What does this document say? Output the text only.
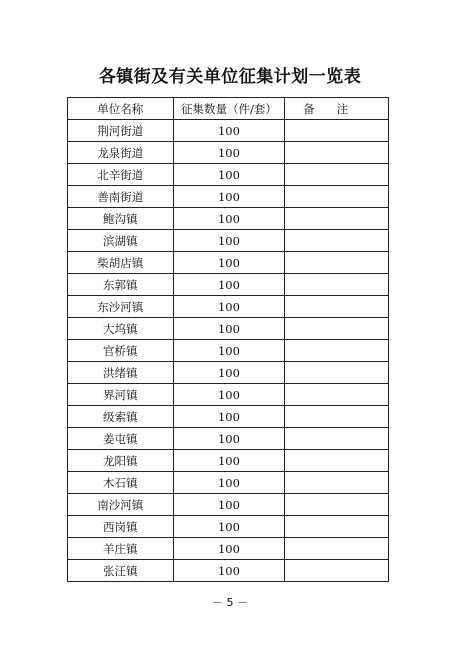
各镇街及有关单位征集计划一览表
单位名称	征集数量（件/套）	备注
荆河街道	100	
龙泉街道	100	
北辛街道	100	
善南街道	100	
鲍沟镇	100	
滨湖镇	100	
柴胡店镇	100	
东郭镇	100	
东沙河镇	100	
大坞镇	100	
官桥镇	100	
洪绪镇	100	
界河镇	100	
级索镇	100	
姜屯镇	100	
龙阳镇	100	
木石镇	100	
南沙河镇	100	
西岗镇	100	
羊庄镇	100	
张汪镇	100	
－ 5 －
